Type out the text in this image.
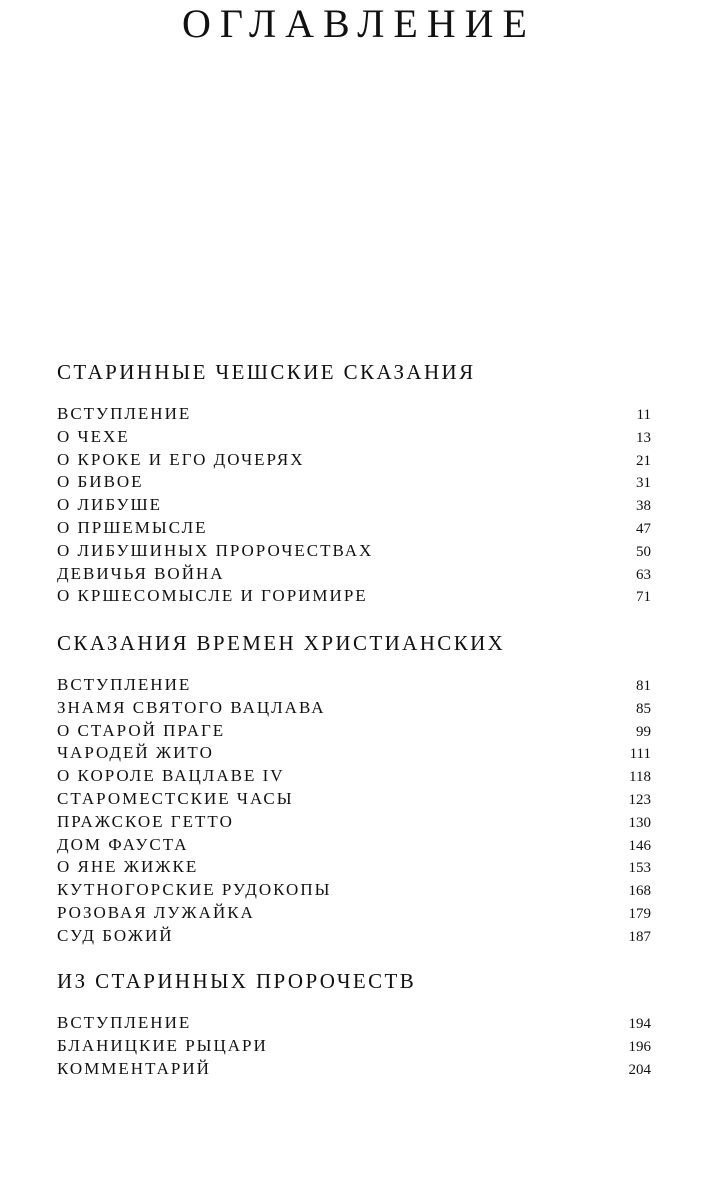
ОГЛАВЛЕНИЕ
СТАРИННЫЕ ЧЕШСКИЕ СКАЗАНИЯ
ВСТУПЛЕНИЕ	11
О ЧЕХЕ	13
О КРОКЕ И ЕГО ДОЧЕРЯХ	21
О БИВОЕ	31
О ЛИБУШЕ	38
О ПРШЕМЫСЛЕ	47
О ЛИБУШИНЫХ ПРОРОЧЕСТВАХ	50
ДЕВИЧЬЯ ВОЙНА	63
О КРШЕСОМЫСЛЕ И ГОРИМИРЕ	71
СКАЗАНИЯ ВРЕМЕН ХРИСТИАНСКИХ
ВСТУПЛЕНИЕ	81
ЗНАМЯ СВЯТОГО ВАЦЛАВА	85
О СТАРОЙ ПРАГЕ	99
ЧАРОДЕЙ ЖИТО	111
О КОРОЛЕ ВАЦЛАВЕ IV	118
СТАРОМЕСТСКИЕ ЧАСЫ	123
ПРАЖСКОЕ ГЕТТО	130
ДОМ ФАУСТА	146
О ЯНЕ ЖИЖКЕ	153
КУТНОГОРСКИЕ РУДОКОПЫ	168
РОЗОВАЯ ЛУЖАЙКА	179
СУД БОЖИЙ	187
ИЗ СТАРИННЫХ ПРОРОЧЕСТВ
ВСТУПЛЕНИЕ	194
БЛАНИЦКИЕ РЫЦАРИ	196
КОММЕНТАРИЙ	204
